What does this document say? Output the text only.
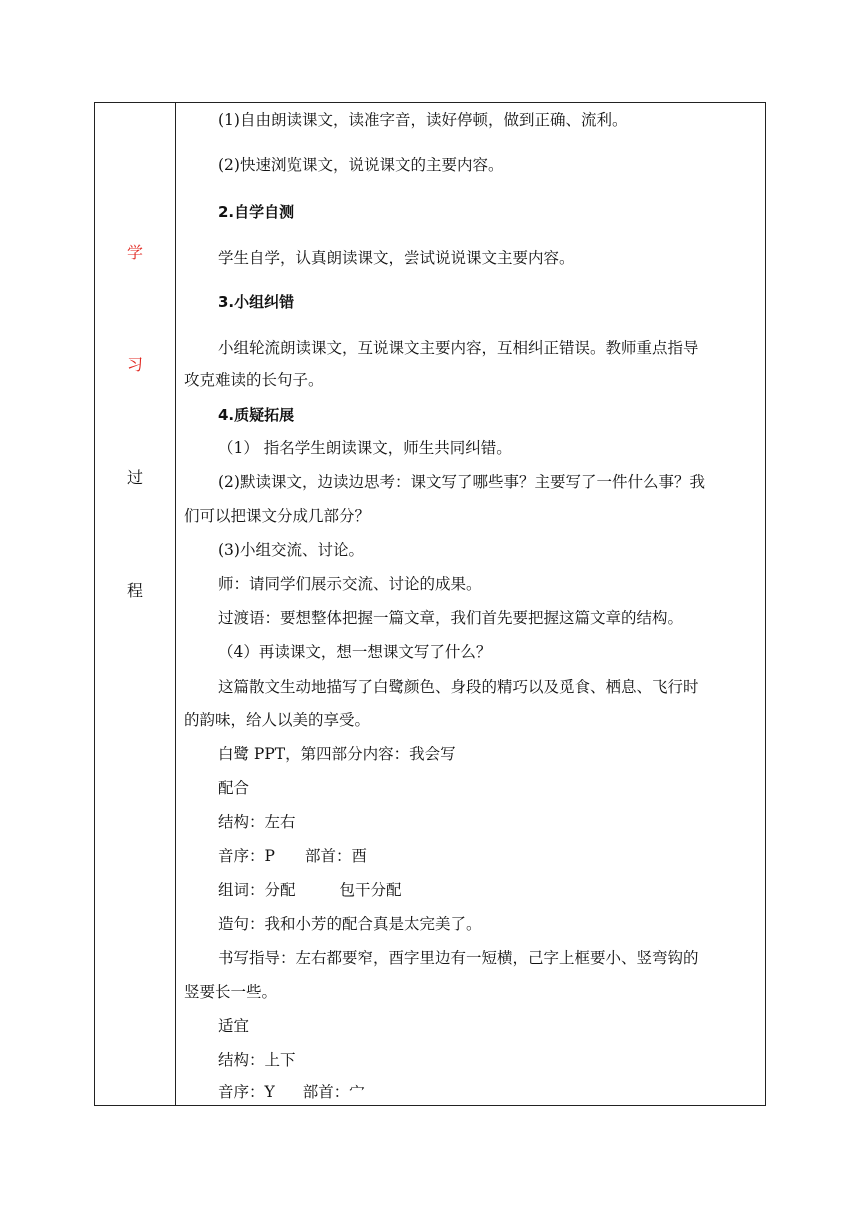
学
习
过
程
(1)自由朗读课文，读准字音，读好停顿，做到正确、流利。
(2)快速浏览课文，说说课文的主要内容。
2.自学自测
学生自学，认真朗读课文，尝试说说课文主要内容。
3.小组纠错
小组轮流朗读课文，互说课文主要内容，互相纠正错误。教师重点指导
攻克难读的长句子。
4.质疑拓展
（1） 指名学生朗读课文，师生共同纠错。
(2)默读课文，边读边思考：课文写了哪些事？主要写了一件什么事？我
们可以把课文分成几部分？
(3)小组交流、讨论。
师：请同学们展示交流、讨论的成果。
过渡语：要想整体把握一篇文章，我们首先要把握这篇文章的结构。
（4）再读课文，想一想课文写了什么？
这篇散文生动地描写了白鹭颜色、身段的精巧以及觅食、栖息、飞行时
的韵味，给人以美的享受。
白鹭 PPT，第四部分内容：我会写
配合
结构：左右
音序：P 部首：酉
组词：分配	包干分配
造句：我和小芳的配合真是太完美了。
书写指导：左右都要窄，酉字里边有一短横，己字上框要小、竖弯钩的
竖要长一些。
适宜
结构：上下
音序：Y 部首：宀
